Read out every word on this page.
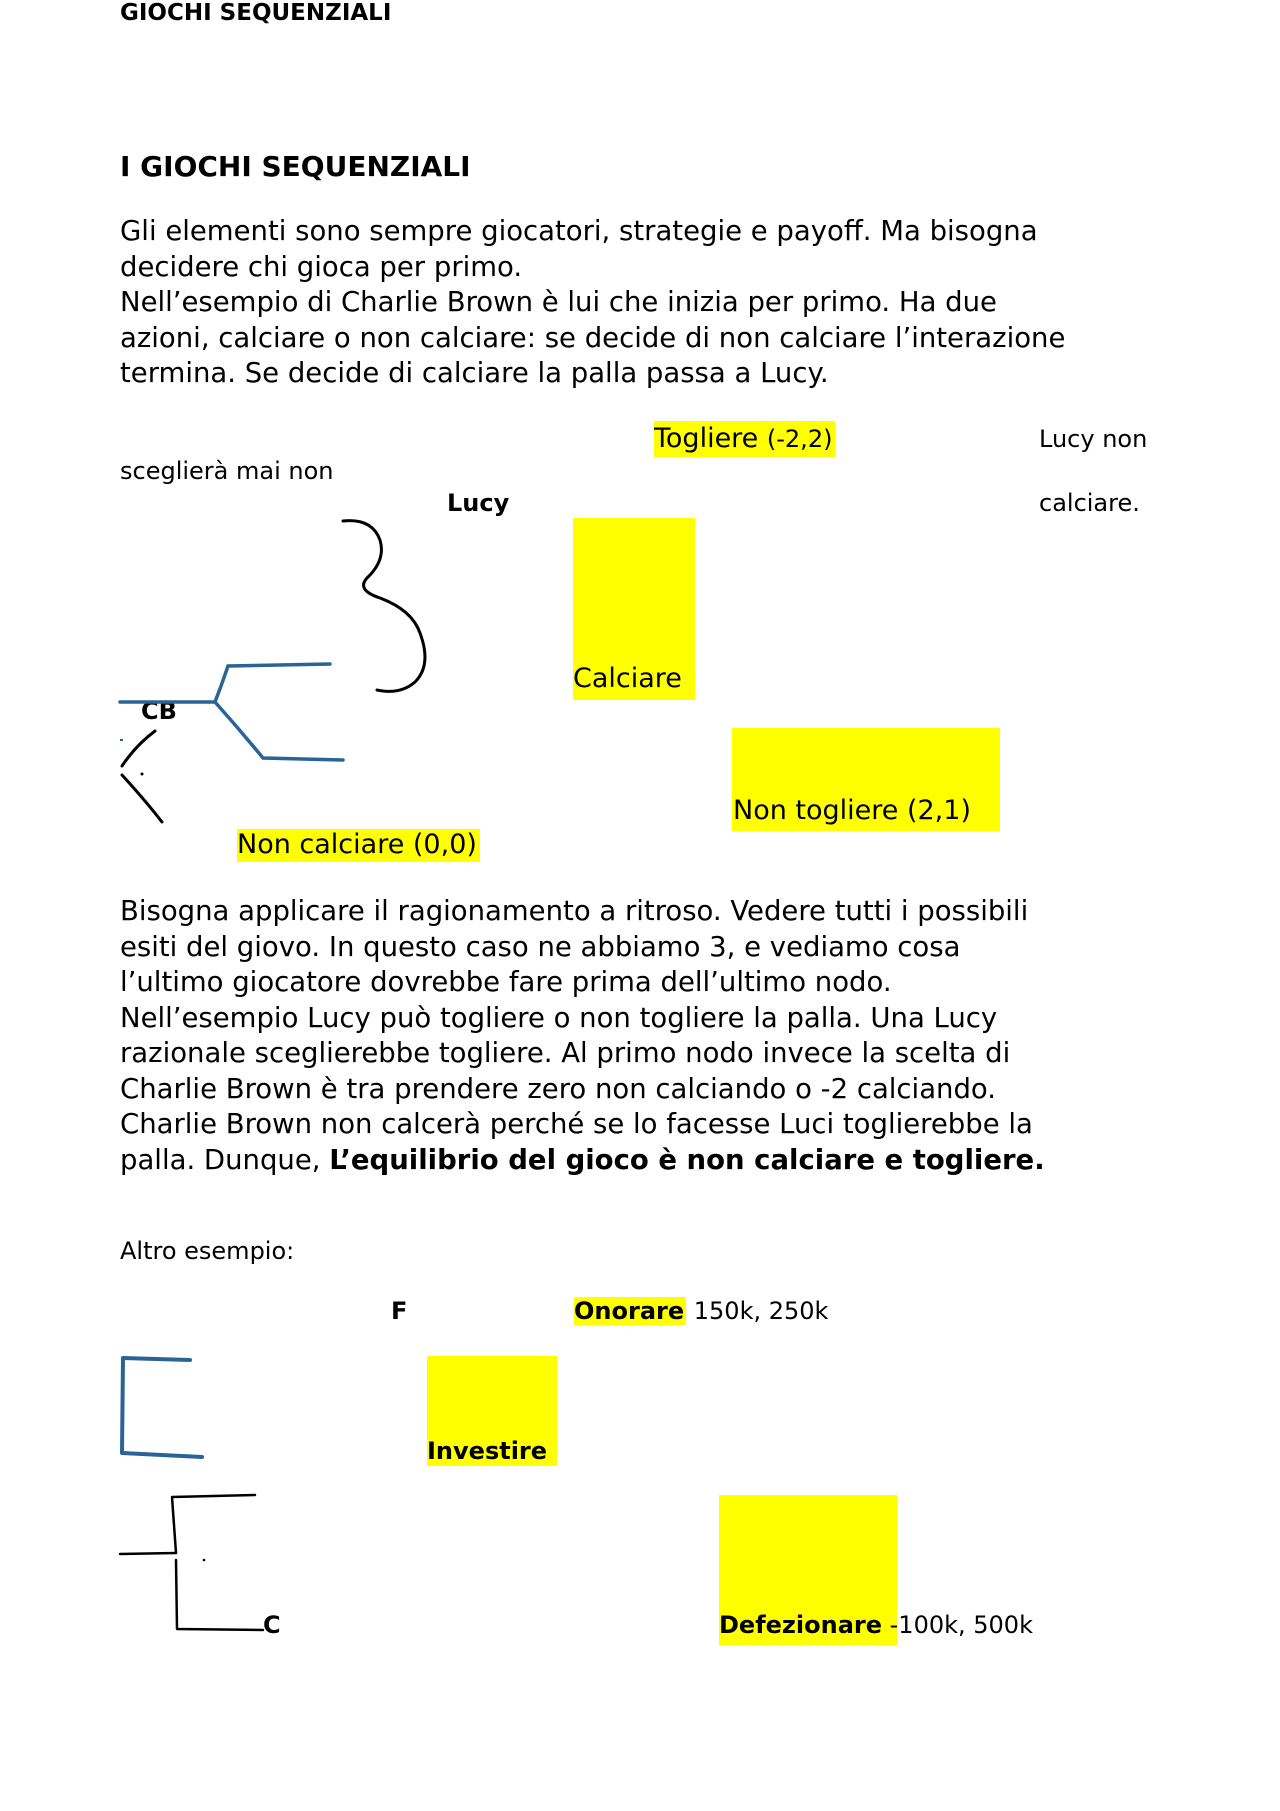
GIOCHI SEQUENZIALI
I GIOCHI SEQUENZIALI

Gli elementi sono sempre giocatori, strategie e payoff. Ma bisogna

decidere chi gioca per primo.

Nell’esempio di Charlie Brown è lui che inizia per primo. Ha due

azioni, calciare o non calciare: se decide di non calciare l’interazione

termina. Se decide di calciare la palla passa a Lucy.

Togliere (-2,2)	Lucy non
sceglierà mai non
Lucy	calciare.
Calciare
CB
Non togliere (2,1)
Non calciare (0,0)

Bisogna applicare il ragionamento a ritroso. Vedere tutti i possibili

esiti del giovo. In questo caso ne abbiamo 3, e vediamo cosa

l’ultimo giocatore dovrebbe fare prima dell’ultimo nodo.

Nell’esempio Lucy può togliere o non togliere la palla. Una Lucy

razionale sceglierebbe togliere. Al primo nodo invece la scelta di

Charlie Brown è tra prendere zero non calciando o -2 calciando.

Charlie Brown non calcerà perché se lo facesse Luci toglierebbe la

palla. Dunque, L’equilibrio del gioco è non calciare e togliere.

Altro esempio:
F	Onorare 150k, 250k
Investire
Defezionare -100k, 500k
C
